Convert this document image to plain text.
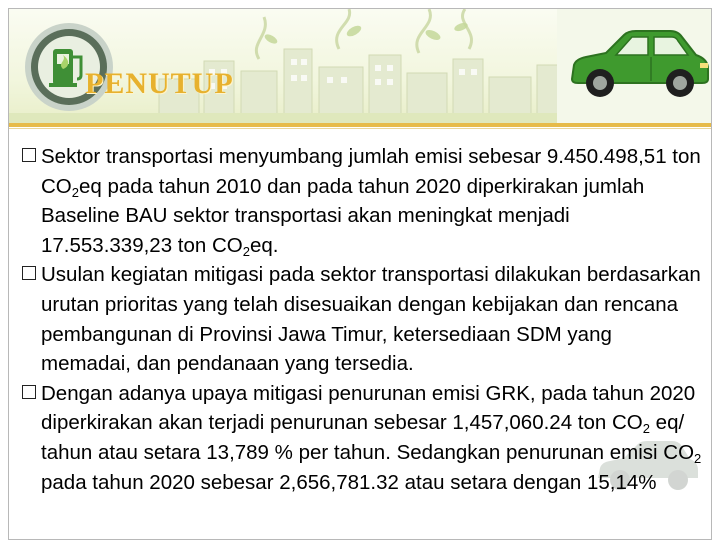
PENUTUP
Sektor transportasi menyumbang jumlah emisi sebesar 9.450.498,51 ton $CO_2eq$ pada tahun 2010 dan pada tahun 2020 diperkirakan jumlah Baseline BAU sektor transportasi akan meningkat menjadi 17.553.339,23 ton $CO_2eq$.
Usulan kegiatan mitigasi pada sektor transportasi dilakukan berdasarkan urutan prioritas yang telah disesuaikan dengan kebijakan dan rencana pembangunan di Provinsi Jawa Timur, ketersediaan SDM yang memadai, dan pendanaan yang tersedia.
Dengan adanya upaya mitigasi penurunan emisi GRK, pada tahun 2020 diperkirakan akan terjadi penurunan sebesar 1,457,060.24 ton $CO_2$ eq/ tahun atau setara 13,789 % per tahun. Sedangkan penurunan emisi $CO_2$ pada tahun 2020 sebesar 2,656,781.32 atau setara dengan 15,14%
